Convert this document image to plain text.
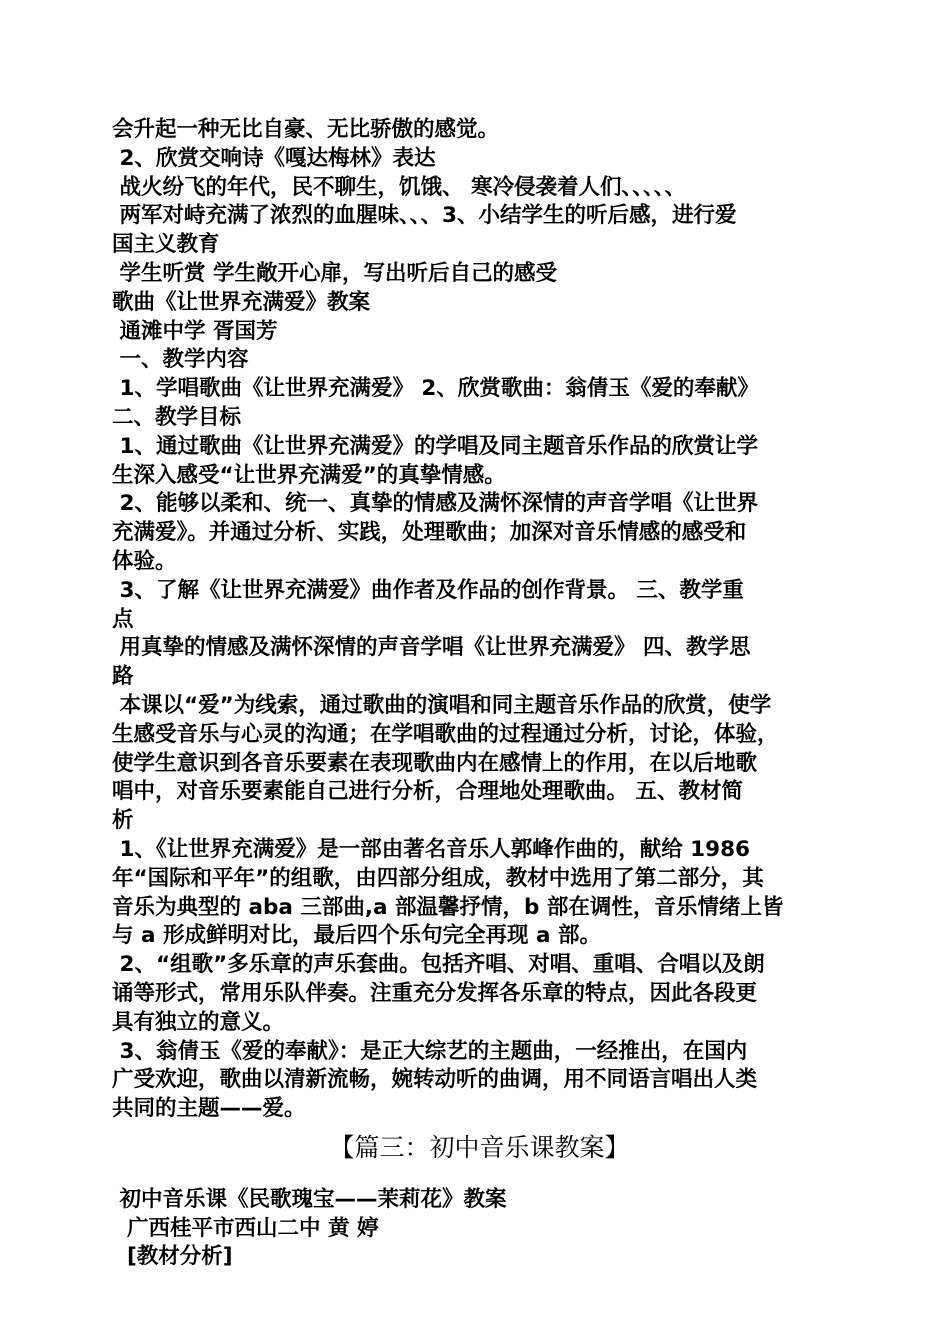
会升起一种无比自豪、无比骄傲的感觉。
2、欣赏交响诗《嘎达梅林》表达
战火纷飞的年代，民不聊生，饥饿、 寒冷侵袭着人们、、、、、
两军对峙充满了浓烈的血腥味、、、3、小结学生的听后感，进行爱
国主义教育
学生听赏 学生敞开心扉，写出听后自己的感受
歌曲《让世界充满爱》教案
通滩中学 胥国芳
一、教学内容
1、学唱歌曲《让世界充满爱》 2、欣赏歌曲：翁倩玉《爱的奉献》
二、教学目标
1、通过歌曲《让世界充满爱》的学唱及同主题音乐作品的欣赏让学
生深入感受“让世界充满爱”的真挚情感。
2、能够以柔和、统一、真挚的情感及满怀深情的声音学唱《让世界
充满爱》。并通过分析、实践，处理歌曲；加深对音乐情感的感受和
体验。
3、了解《让世界充满爱》曲作者及作品的创作背景。 三、教学重
点
用真挚的情感及满怀深情的声音学唱《让世界充满爱》 四、教学思
路
本课以“爱”为线索，通过歌曲的演唱和同主题音乐作品的欣赏，使学
生感受音乐与心灵的沟通；在学唱歌曲的过程通过分析，讨论，体验，
使学生意识到各音乐要素在表现歌曲内在感情上的作用，在以后地歌
唱中，对音乐要素能自己进行分析，合理地处理歌曲。 五、教材简
析
1、《让世界充满爱》是一部由著名音乐人郭峰作曲的，献给 1986
年“国际和平年”的组歌，由四部分组成，教材中选用了第二部分，其
音乐为典型的 aba 三部曲,a 部温馨抒情，b 部在调性，音乐情绪上皆
与 a 形成鲜明对比，最后四个乐句完全再现 a 部。
2、“组歌”多乐章的声乐套曲。包括齐唱、对唱、重唱、合唱以及朗
诵等形式，常用乐队伴奏。注重充分发挥各乐章的特点，因此各段更
具有独立的意义。
3、翁倩玉《爱的奉献》：是正大综艺的主题曲，一经推出，在国内
广受欢迎，歌曲以清新流畅，婉转动听的曲调，用不同语言唱出人类
共同的主题——爱。
【篇三：初中音乐课教案】
初中音乐课《民歌瑰宝——茉莉花》教案
广西桂平市西山二中 黄 婷
[教材分析]
